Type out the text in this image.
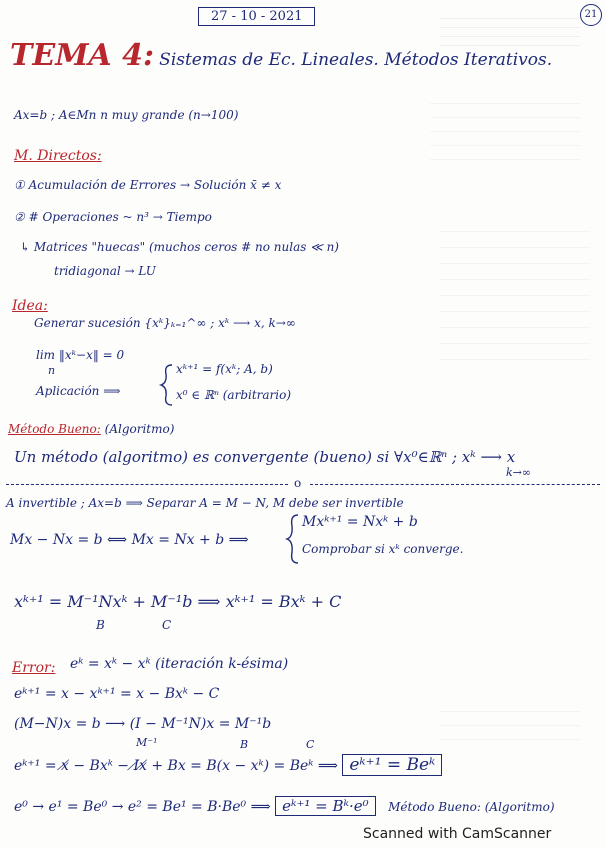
27 - 10 - 2021	21
TEMA 4: Sistemas de Ec. Lineales. Métodos Iterativos.
Ax=b ; A∈Mn n muy grande (n→100)
M. Directos:
① Acumulación de Errores → Solución x̄ ≠ x
② # Operaciones ~ n³ → Tiempo
↳ Matrices "huecas" (muchos ceros # no nulas ≪ n)
tridiagonal → LU
Idea:
Generar sucesión {xᵏ}ₖ₌₁^∞ ; xᵏ ⟶ x, k→∞
lim ‖xᵏ−x‖ = 0
n
Aplicación ⟹
xᵏ⁺¹ = f(xᵏ; A, b)
x⁰ ∈ ℝⁿ (arbitrario)
Método Bueno: (Algoritmo)
Un método (algoritmo) es convergente (bueno) si ∀x⁰∈ℝⁿ ; xᵏ ⟶ x
k→∞
o
A invertible ; Ax=b ⟹ Separar A = M − N, M debe ser invertible
Mx − Nx = b ⟺ Mx = Nx + b ⟹
Mxᵏ⁺¹ = Nxᵏ + b
Comprobar si xᵏ converge.
xᵏ⁺¹ = M⁻¹Nxᵏ + M⁻¹b ⟹ xᵏ⁺¹ = Bxᵏ + C
B	C
Error: eᵏ = xᵏ − xᵏ (iteración k-ésima)
eᵏ⁺¹ = x − xᵏ⁺¹ = x − Bxᵏ − C
(M−N)x = b ⟶ (I − M⁻¹N)x = M⁻¹b
M⁻¹	B	C
eᵏ⁺¹ = x̸ − Bxᵏ − I̸x̸ + Bx = B(x − xᵏ) = Beᵏ ⟹ eᵏ⁺¹ = Beᵏ
e⁰ → e¹ = Be⁰ → e² = Be¹ = B·Be⁰ ⟹ eᵏ⁺¹ = Bᵏ·e⁰ Método Bueno: (Algoritmo)
Scanned with CamScanner
